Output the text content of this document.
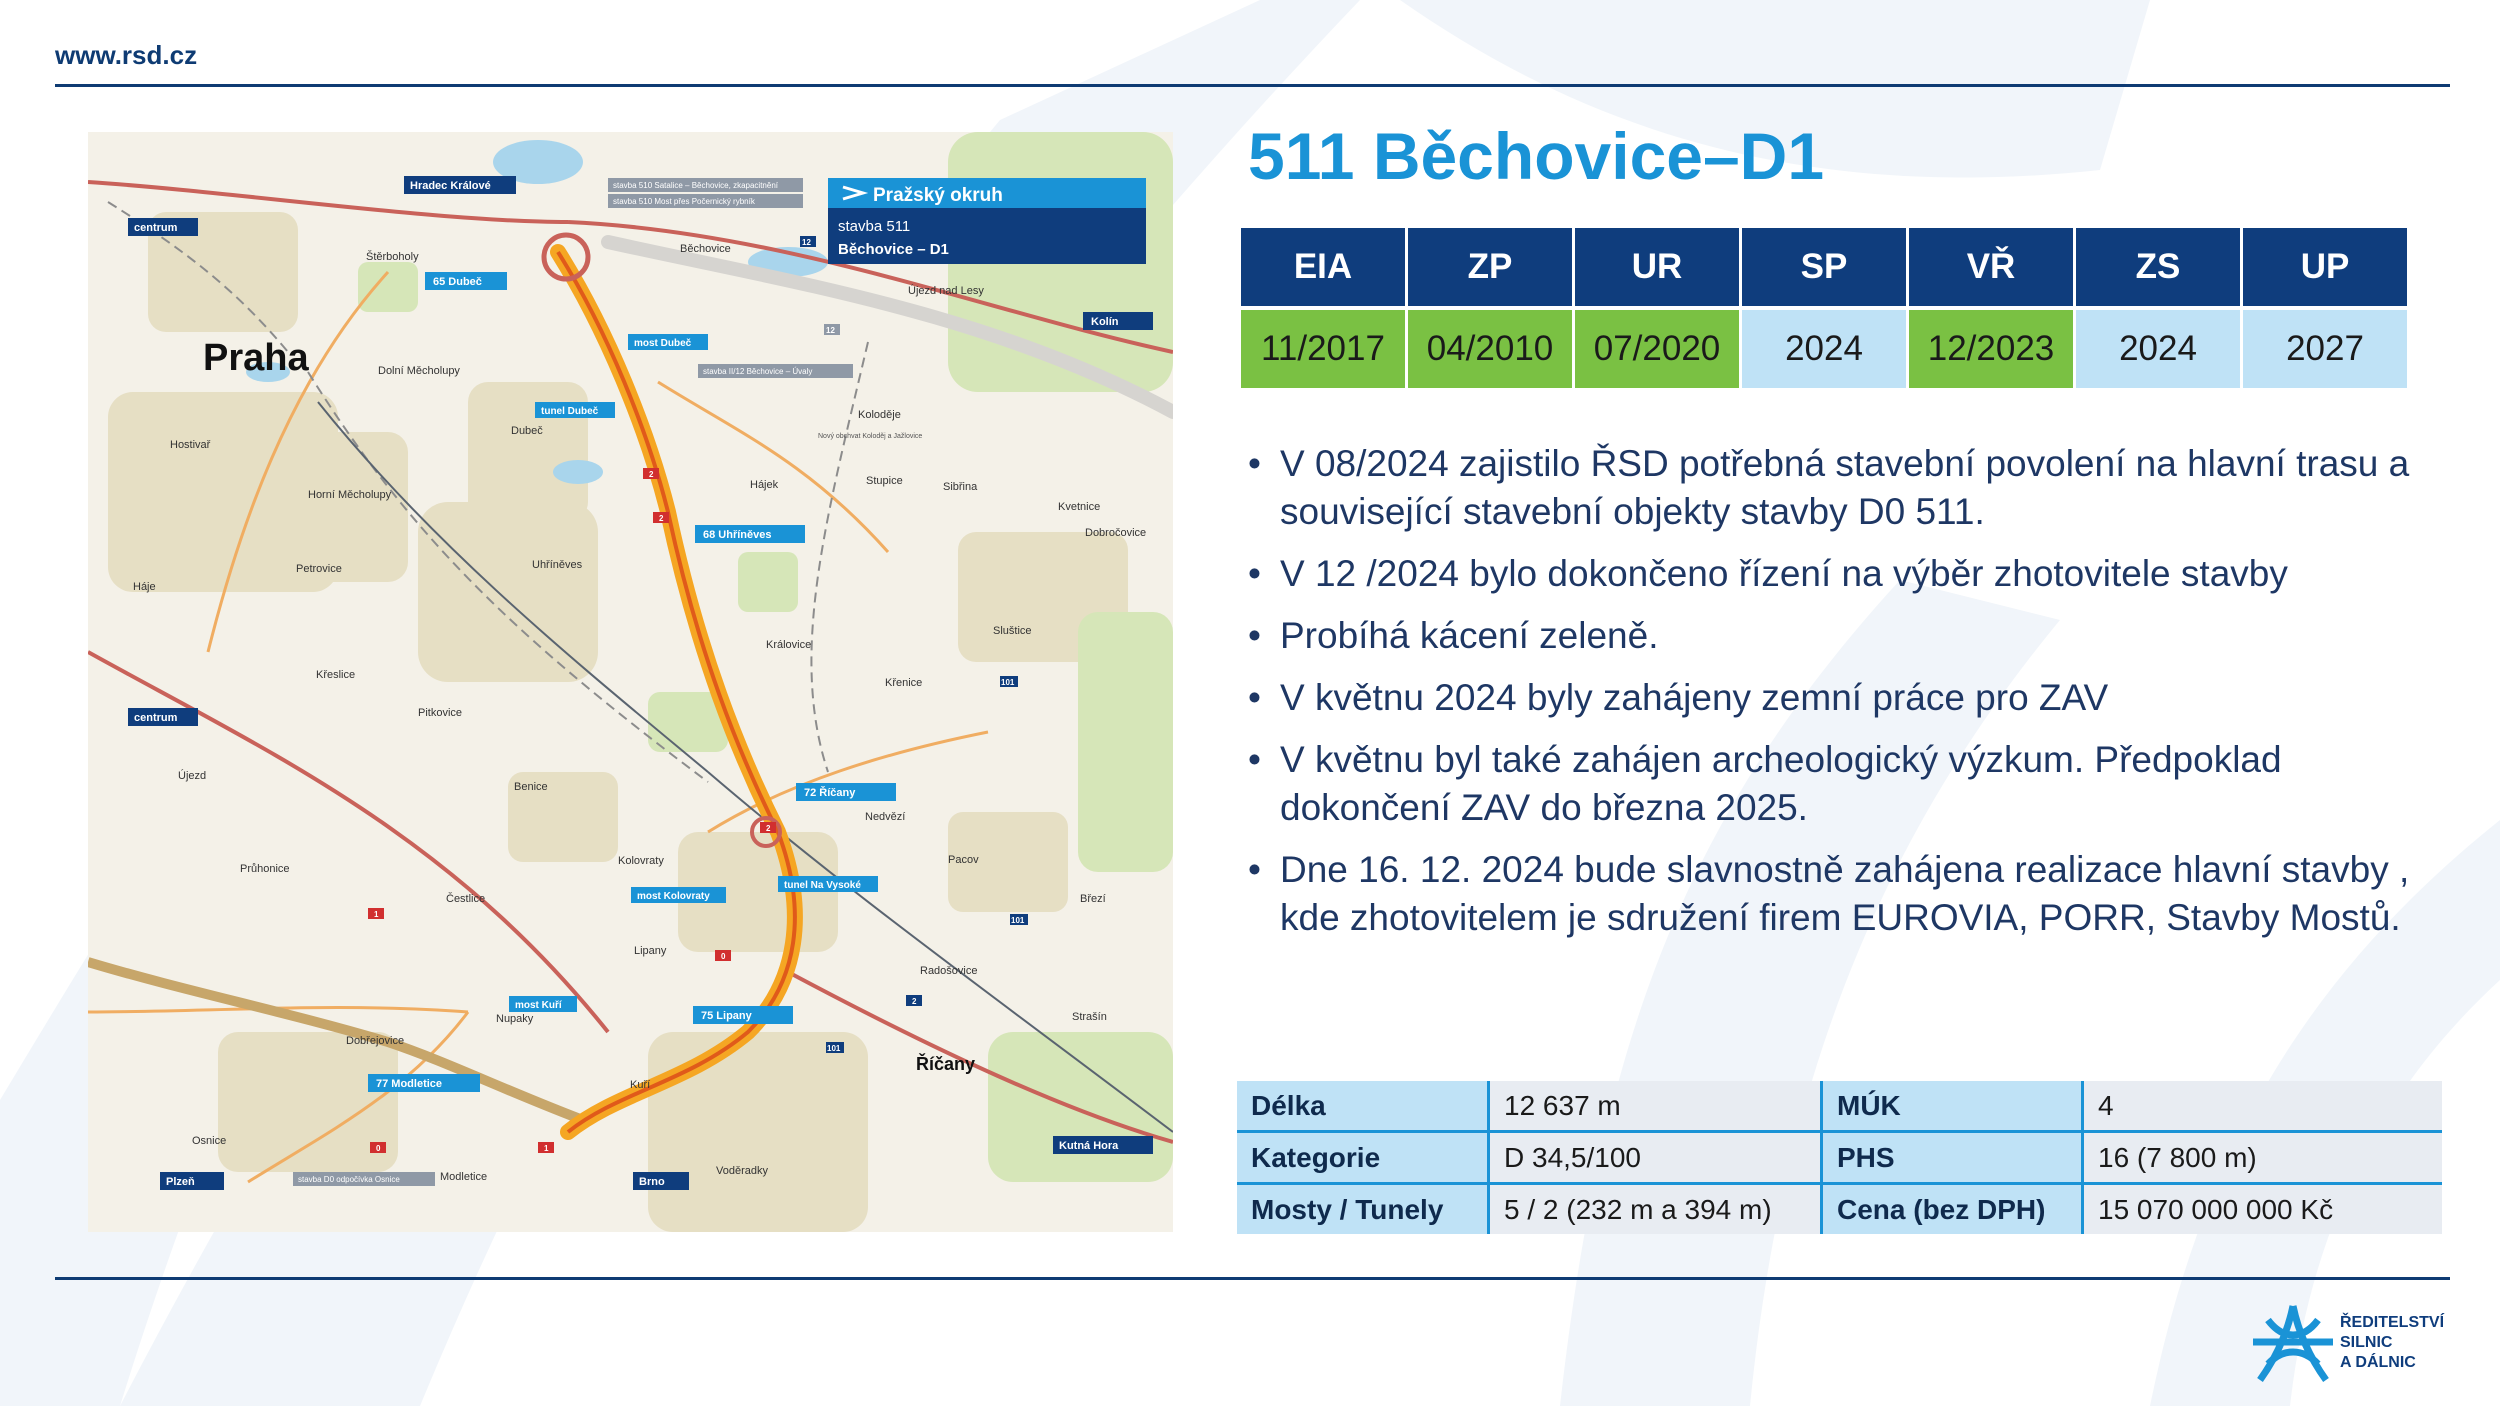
www.rsd.cz
Pražský okruh
stavba 511
Běchovice – D1
Praha
Říčany
Štěrboholy
Běchovice
Újezd nad Lesy
Dolní Měcholupy
Dubeč
Hostivař
Koloděje
Horní Měcholupy
Hájek	Stupice	Sibřina
Kvetnice
Dobročovice
Petrovice	Uhříněves
Háje
Královice
Sluštice
Křeslice
Křenice
Pitkovice
Újezd
Benice
Nedvězí
Průhonice
Kolovraty	Pacov
Čestlice
Lipany
Březí
Radošovice
Nupaky	Strašín
Dobřejovice
Kuří
Osnice
Modletice	Voděradky
Hradec Králové
centrum
Kolín
centrum
Plzeň	Brno
Kutná Hora
65 Dubeč
68 Uhříněves
72 Říčany
75 Lipany
77 Modletice
most Dubeč
tunel Dubeč
most Kolovraty
tunel Na Vysoké
most Kuří
stavba 510 Satalice – Běchovice, zkapacitnění
stavba 510 Most přes Počernický rybník
stavba II/12 Běchovice – Úvaly
stavba D0 odpočívka Osnice
Nový obchvat Koloděj a Jažlovice
12
12
2
2
2
101
101
2
1
0	1
0
101
511 Běchovice–D1
EIA	ZP	UR	SP	VŘ	ZS	UP

11/2017	04/2010	07/2020	2024	12/2023	2024	2027
• V 08/2024 zajistilo ŘSD potřebná stavební povolení na hlavní trasu a související stavební objekty stavby D0 511.
• V 12 /2024 bylo dokončeno řízení na výběr zhotovitele stavby
• Probíhá kácení zeleně.
• V květnu 2024 byly zahájeny zemní práce pro ZAV
• V květnu byl také zahájen archeologický výzkum. Předpoklad dokončení ZAV do března 2025.
• Dne 16. 12. 2024 bude slavnostně zahájena realizace hlavní stavby , kde zhotovitelem je sdružení firem EUROVIA, PORR, Stavby Mostů.
Délka	12 637 m	MÚK	4
Kategorie	D 34,5/100	PHS	16 (7 800 m)
Mosty / Tunely	5 / 2 (232 m a 394 m)	Cena (bez DPH)	15 070 000 000 Kč
ŘEDITELSTVÍ
SILNIC
A DÁLNIC
